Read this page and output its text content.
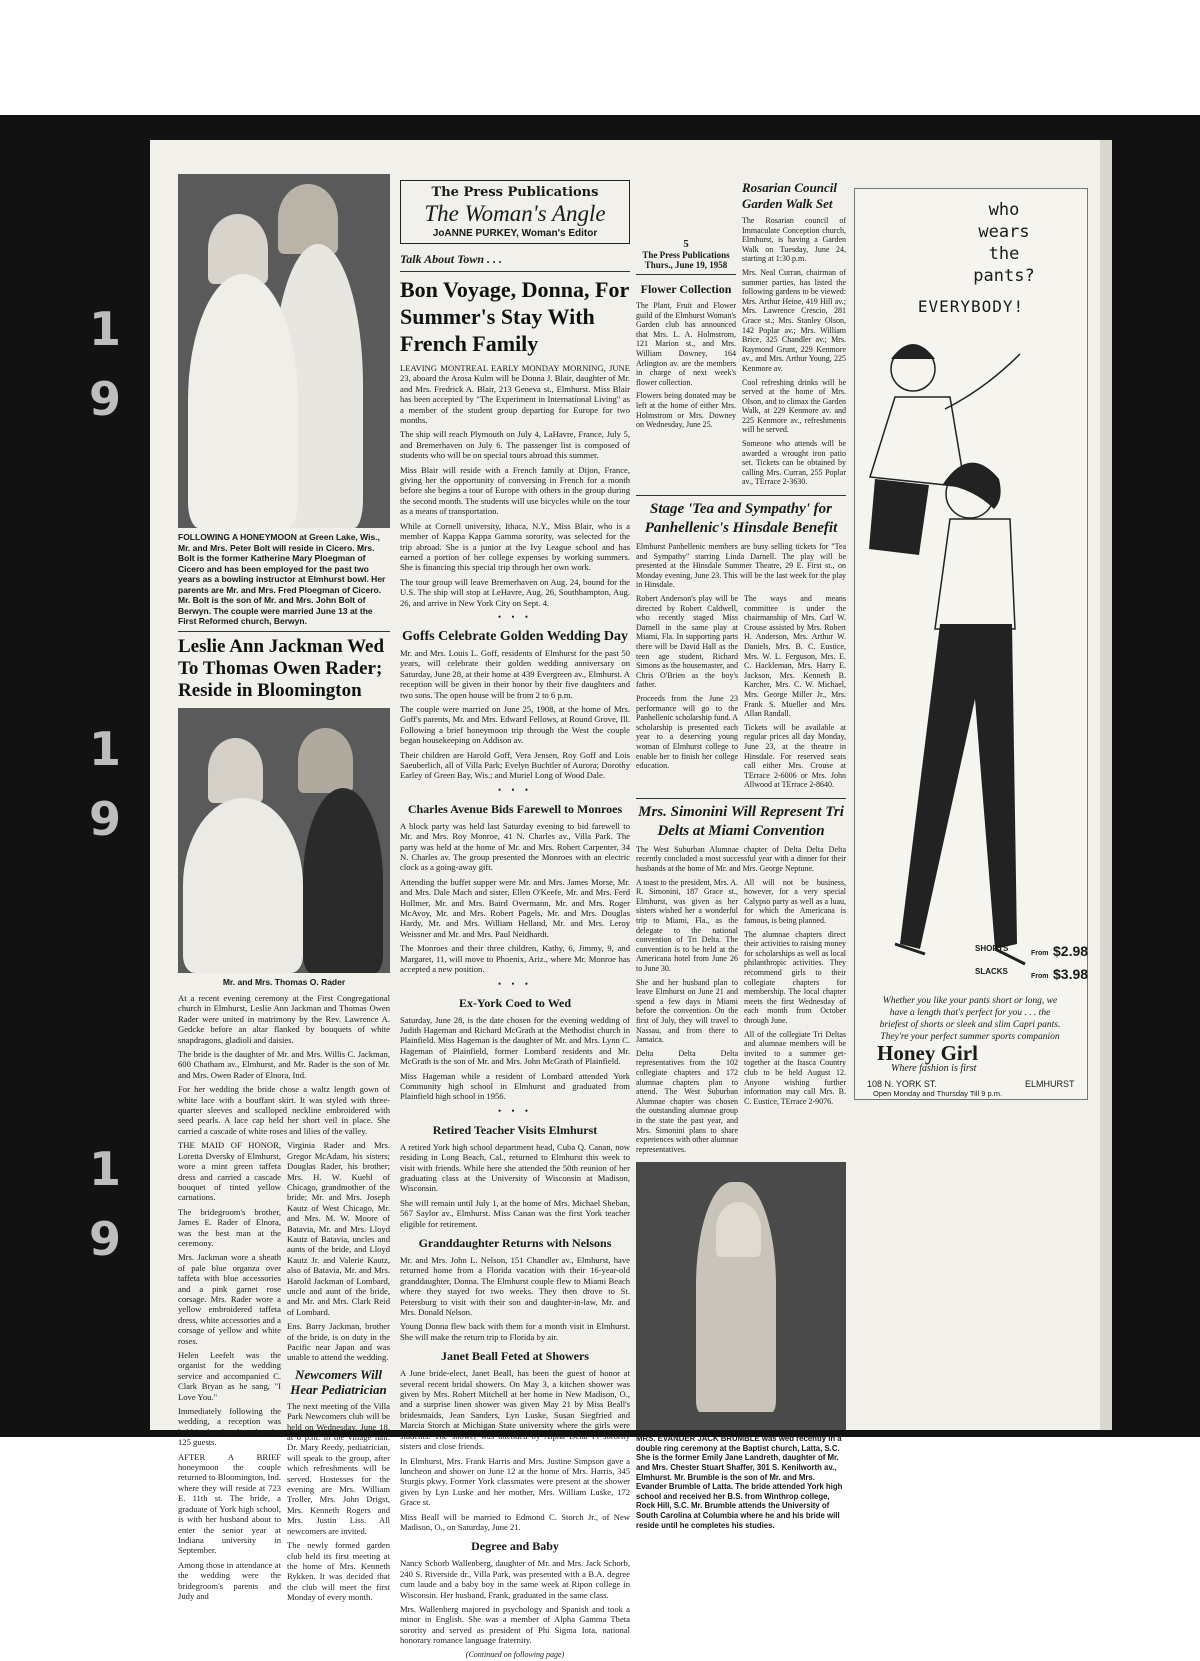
1
9
1
9
1
9

FOLLOWING A HONEYMOON at Green Lake, Wis., Mr. and Mrs. Peter Bolt will reside in Cicero. Mrs. Bolt is the former Katherine Mary Ploegman of Cicero and has been employed for the past two years as a bowling instructor at Elmhurst bowl. Her parents are Mr. and Mrs. Fred Ploegman of Cicero. Mr. Bolt is the son of Mr. and Mrs. John Bolt of Berwyn. The couple were married June 13 at the First Reformed church, Berwyn.

Leslie Ann Jackman Wed To Thomas Owen Rader; Reside in Bloomington

Mr. and Mrs. Thomas O. Rader

At a recent evening ceremony at the First Congregational church in Elmhurst, Leslie Ann Jackman and Thomas Owen Rader were united in matrimony by the Rev. Lawrence A. Gedcke before an altar flanked by bouquets of white snapdragons, gladioli and daisies.

The bride is the daughter of Mr. and Mrs. Willis C. Jackman, 600 Chatham av., Elmhurst, and Mr. Rader is the son of Mr. and Mrs. Owen Rader of Elnora, Ind.

For her wedding the bride chose a waltz length gown of white lace with a bouffant skirt. It was styled with three-quarter sleeves and scalloped neckline embroidered with seed pearls. A lace cap held her short veil in place. She carried a cascade of white roses and lilies of the valley.

THE MAID OF HONOR, Loretta Dversky of Elmhurst, wore a mint green taffeta dress and carried a cascade bouquet of tinted yellow carnations.

The bridegroom's brother, James E. Rader of Elnora, was the best man at the ceremony.

Mrs. Jackman wore a sheath of pale blue organza over taffeta with blue accessories and a pink garnet rose corsage. Mrs. Rader wore a yellow embroidered taffeta dress, white accessories and a corsage of yellow and white roses.

Helen Leefelt was the organist for the wedding service and accompanied C. Clark Bryan as he sang, "I Love You."

Immediately following the wedding, a reception was held in the church parlors for 125 guests.

AFTER A BRIEF honeymoon the couple returned to Bloomington, Ind. where they will reside at 723 E. 11th st. The bride, a graduate of York high school, is with her husband about to enter the senior year at Indiana university in September.

Among those in attendance at the wedding were the bridegroom's parents and Judy and

Virginia Rader and Mrs. Gregor McAdam, his sisters; Douglas Rader, his brother; Mrs. H. W. Kuehl of Chicago, grandmother of the bride; Mr. and Mrs. Joseph Kautz of West Chicago, Mr. and Mrs. M. W. Moore of Batavia, Mr. and Mrs. Lloyd Kautz of Batavia, uncles and aunts of the bride, and Lloyd Kautz Jr. and Valerie Kautz, also of Batavia, Mr. and Mrs. Harold Jackman of Lombard, uncle and aunt of the bride, and Mr. and Mrs. Clark Reid of Lombard.

Ens. Barry Jackman, brother of the bride, is on duty in the Pacific near Japan and was unable to attend the wedding.

Newcomers Will Hear Pediatrician

The next meeting of the Villa Park Newcomers club will be held on Wednesday, June 18, at 8 p.m. in the village hall. Dr. Mary Reedy, pediatrician, will speak to the group, after which refreshments will be served. Hostesses for the evening are Mrs. William Troller, Mrs. John Drigst, Mrs. Kenneth Rogers and Mrs. Justin Liss. All newcomers are invited.

The newly formed garden club held its first meeting at the home of Mrs. Kenneth Rykken. It was decided that the club will meet the first Monday of every month.

The Press Publications
The Woman's Angle
JoANNE PURKEY, Woman's Editor
Talk About Town . . .
Bon Voyage, Donna, For Summer's Stay With French Family

LEAVING MONTREAL EARLY MONDAY MORNING, JUNE 23, aboard the Arosa Kulm will be Donna J. Blair, daughter of Mr. and Mrs. Fredrick A. Blair, 213 Geneva st., Elmhurst. Miss Blair has been accepted by "The Experiment in International Living" as a member of the student group departing for Europe for two months.

The ship will reach Plymouth on July 4, LaHavre, France, July 5, and Bremerhaven on July 6. The passenger list is composed of students who will be on special tours abroad this summer.

Miss Blair will reside with a French family at Dijon, France, giving her the opportunity of conversing in French for a month before she begins a tour of Europe with others in the group during the second month. The students will use bicycles while on the tour as a means of transportation.

While at Cornell university, Ithaca, N.Y., Miss Blair, who is a member of Kappa Kappa Gamma sorority, was selected for the trip abroad. She is a junior at the Ivy League school and has earned a portion of her college expenses by working summers. She is financing this special trip through her own work.

The tour group will leave Bremerhaven on Aug. 24, bound for the U.S. The ship will stop at LeHavre, Aug. 26, Southhampton, Aug. 26, and arrive in New York City on Sept. 4.

• • •

Goffs Celebrate Golden Wedding Day

Mr. and Mrs. Louis L. Goff, residents of Elmhurst for the past 50 years, will celebrate their golden wedding anniversary on Saturday, June 28, at their home at 439 Evergreen av., Elmhurst. A reception will be given in their honor by their five daughters and two sons. The open house will be from 2 to 6 p.m.

The couple were married on June 25, 1908, at the home of Mrs. Goff's parents, Mr. and Mrs. Edward Fellows, at Round Grove, Ill. Following a brief honeymoon trip through the West the couple began housekeeping on Addison av.

Their children are Harold Goff, Vera Jensen, Roy Goff and Lois Saeuberlich, all of Villa Park; Evelyn Buchtler of Aurora; Dorothy Earley of Green Bay, Wis.; and Muriel Long of Wood Dale.

• • •

Charles Avenue Bids Farewell to Monroes

A block party was held last Saturday evening to bid farewell to Mr. and Mrs. Roy Monroe, 41 N. Charles av., Villa Park. The party was held at the home of Mr. and Mrs. Robert Carpenter, 34 N. Charles av. The group presented the Monroes with an electric clock as a going-away gift.

Attending the buffet supper were Mr. and Mrs. James Morse, Mr. and Mrs. Dale Mach and sister, Ellen O'Keefe, Mr. and Mrs. Ferd Hollmer, Mr. and Mrs. Baird Overmann, Mr. and Mrs. Roger McAvoy, Mr. and Mrs. Robert Pagels, Mr. and Mrs. Douglas Hardy, Mr. and Mrs. William Helland, Mr. and Mrs. Leroy Weissner and Mr. and Mrs. Paul Neidhardt.

The Monroes and their three children, Kathy, 6, Jimmy, 9, and Margaret, 11, will move to Phoenix, Ariz., where Mr. Monroe has accepted a new position.

• • •

Ex-York Coed to Wed

Saturday, June 28, is the date chosen for the evening wedding of Judith Hageman and Richard McGrath at the Methodist church in Plainfield. Miss Hageman is the daughter of Mr. and Mrs. Lynn C. Hageman of Plainfield, former Lombard residents and Mr. McGrath is the son of Mr. and Mrs. John McGrath of Plainfield.

Miss Hageman while a resident of Lombard attended York Community high school in Elmhurst and graduated from Plainfield high school in 1956.

• • •

Retired Teacher Visits Elmhurst

A retired York high school department head, Cuba Q. Canan, now residing in Long Beach, Cal., returned to Elmhurst this week to visit with friends. While here she attended the 50th reunion of her graduating class at the University of Wisconsin at Madison, Wisconsin.

She will remain until July 1, at the home of Mrs. Michael Sheban, 567 Saylor av., Elmhurst. Miss Canan was the first York teacher eligible for retirement.

Granddaughter Returns with Nelsons

Mr. and Mrs. John L. Nelson, 151 Chandler av., Elmhurst, have returned home from a Florida vacation with their 16-year-old granddaughter, Donna. The Elmhurst couple flew to Miami Beach where they stayed for two weeks. They then drove to St. Petersburg to visit with their son and daughter-in-law, Mr. and Mrs. Donald Nelson.

Young Donna flew back with them for a month visit in Elmhurst. She will make the return trip to Florida by air.

Janet Beall Feted at Showers

A June bride-elect, Janet Beall, has been the guest of honor at several recent bridal showers. On May 3, a kitchen shower was given by Mrs. Robert Mitchell at her home in New Madison, O., and a surprise linen shower was given May 21 by Miss Beall's bridesmaids, Jean Sanders, Lyn Luske, Susan Siegfried and Marcia Storch at Michigan State university where the girls were students. The shower was attended by Alpha Delta Pi sorority sisters and close friends.

In Elmhurst, Mrs. Frank Harris and Mrs. Justine Simpson gave a luncheon and shower on June 12 at the home of Mrs. Harris, 345 Sturgis pkwy. Former York classmates were present at the shower given by Lyn Luske and her mother, Mrs. William Luske, 172 Grace st.

Miss Beall will be married to Edmond C. Storch Jr., of New Madison, O., on Saturday, June 21.

Degree and Baby

Nancy Schorb Wallenberg, daughter of Mr. and Mrs. Jack Schorb, 240 S. Riverside dr., Villa Park, was presented with a B.A. degree cum laude and a baby boy in the same week at Ripon college in Wisconsin. Her husband, Frank, graduated in the same class.

Mrs. Wallenberg majored in psychology and Spanish and took a minor in English. She was a member of Alpha Gamma Theta sorority and served as president of Phi Sigma Iota, national honorary romance language fraternity.

(Continued on following page)

5
The Press Publications
Thurs., June 19, 1958

Flower Collection

The Plant, Fruit and Flower guild of the Elmhurst Woman's Garden club has announced that Mrs. L. A. Holmstrom, 121 Marion st., and Mrs. William Downey, 164 Arlington av. are the members in charge of next week's flower collection.

Flowers being donated may be left at the home of either Mrs. Holmstrom or Mrs. Downey on Wednesday, June 25.

Rosarian Council Garden Walk Set

The Rosarian council of Immaculate Conception church, Elmhurst, is having a Garden Walk on Tuesday, June 24, starting at 1:30 p.m.

Mrs. Neal Curran, chairman of summer parties, has listed the following gardens to be viewed: Mrs. Arthur Heine, 419 Hill av.; Mrs. Lawrence Crescio, 281 Grace st.; Mrs. Stanley Olson, 142 Poplar av.; Mrs. William Brice, 325 Chandler av.; Mrs. Raymond Grunt, 229 Kenmore av., and Mrs. Arthur Young, 225 Kenmore av.

Cool refreshing drinks will be served at the home of Mrs. Olson, and to climax the Garden Walk, at 229 Kenmore av. and 225 Kenmore av., refreshments will be served.

Someone who attends will be awarded a wrought iron patio set. Tickets can be obtained by calling Mrs. Curran, 255 Poplar av., TErrace 2-3630.

Stage 'Tea and Sympathy' for Panhellenic's Hinsdale Benefit

Elmhurst Panhellenic members are busy selling tickets for "Tea and Sympathy" starring Linda Darnell. The play will be presented at the Hinsdale Summer Theatre, 29 E. First st., on Monday evening, June 23. This will be the last week for the play in Hinsdale.

Robert Anderson's play will be directed by Robert Caldwell, who recently staged Miss Darnell in the same play at Miami, Fla. In supporting parts there will be David Hall as the teen age student, Richard Simons as the housemaster, and Chris O'Brien as the boy's father.

Proceeds from the June 23 performance will go to the Panhellenic scholarship fund. A scholarship is presented each year to a deserving young woman of Elmhurst college to enable her to finish her college education.

The ways and means committee is under the chairmanship of Mrs. Carl W. Crouse assisted by Mrs. Robert H. Anderson, Mrs. Arthur W. Daniels, Mrs. B. C. Eustice, Mrs. W. L. Ferguson, Mrs. E. C. Hackleman, Mrs. Harry E. Jackson, Mrs. Kenneth B. Karcher, Mrs. C. W. Michael, Mrs. George Miller Jr., Mrs. Frank S. Mueller and Mrs. Allan Randall.

Tickets will be available at regular prices all day Monday, June 23, at the theatre in Hinsdale. For reserved seats call either Mrs. Crouse at TErrace 2-6006 or Mrs. John Allwood at TErrace 2-8640.

Mrs. Simonini Will Represent Tri Delts at Miami Convention

The West Suburban Alumnae chapter of Delta Delta Delta recently concluded a most successful year with a dinner for their husbands at the home of Mr. and Mrs. George Neptune.

A toast to the president, Mrs. A. R. Simonini, 187 Grace st., Elmhurst, was given as her sisters wished her a wonderful trip to Miami, Fla., as the delegate to the national convention of Tri Delta. The convention is to be held at the Americana hotel from June 26 to June 30.

She and her husband plan to leave Elmhurst on June 21 and spend a few days in Miami before the convention. On the first of July, they will travel to Nassau, and from there to Jamaica.

Delta Delta Delta representatives from the 102 collegiate chapters and 172 alumnae chapters plan to attend. The West Suburban Alumnae chapter was chosen the outstanding alumnae group in the state the past year, and Mrs. Simonini plans to share experiences with other alumnae representatives.

All will not be business, however, for a very special Calypso party as well as a luau, for which the Americana is famous, is being planned.

The alumnae chapters direct their activities to raising money for scholarships as well as local philanthropic activities. They recommend girls to their collegiate chapters for membership. The local chapter meets the first Wednesday of each month from October through June.

All of the collegiate Tri Deltas and alumnae members will be invited to a summer get-together at the Itasca Country club to be held August 12. Anyone wishing further information may call Mrs. B. C. Eustice, TErrace 2-9076.

MRS. EVANDER JACK BRUMBLE was wed recently in a double ring ceremony at the Baptist church, Latta, S.C. She is the former Emily Jane Landreth, daughter of Mr. and Mrs. Chester Stuart Shaffer, 301 S. Kenilworth av., Elmhurst. Mr. Brumble is the son of Mr. and Mrs. Evander Brumble of Latta. The bride attended York high school and received her B.S. from Winthrop college, Rock Hill, S.C. Mr. Brumble attends the University of South Carolina at Columbia where he and his bride will reside until he completes his studies.

who
wears
the
pants?
EVERYBODY!
SHORTS
From $2.98
SLACKS
From $3.98

Whether you like your pants short or long, we have a length that's perfect for you . . . the briefest of shorts or sleek and slim Capri pants. They're your perfect summer sports companion

Honey Girl
Where fashion is first
108 N. YORK ST.	ELMHURST
Open Monday and Thursday Till 9 p.m.
